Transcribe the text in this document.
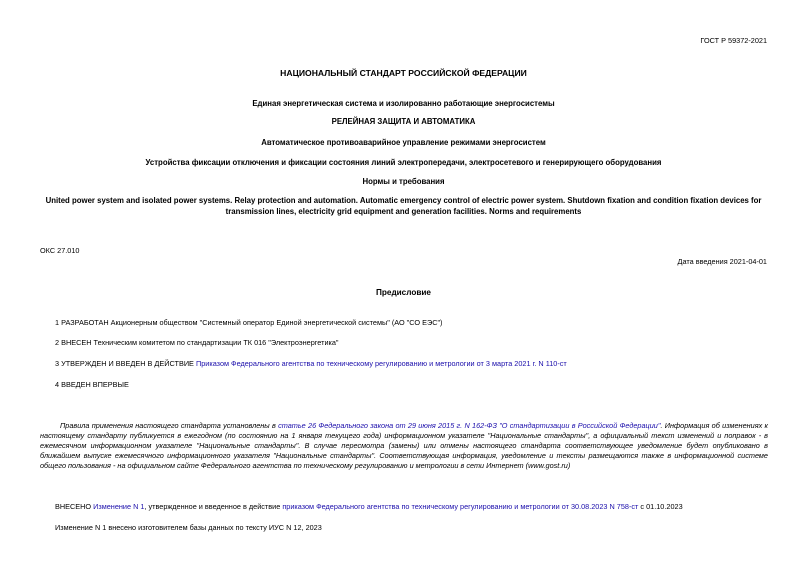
ГОСТ Р 59372-2021
НАЦИОНАЛЬНЫЙ СТАНДАРТ РОССИЙСКОЙ ФЕДЕРАЦИИ
Единая энергетическая система и изолированно работающие энергосистемы
РЕЛЕЙНАЯ ЗАЩИТА И АВТОМАТИКА
Автоматическое противоаварийное управление режимами энергосистем
Устройства фиксации отключения и фиксации состояния линий электропередачи, электросетевого и генерирующего оборудования
Нормы и требования
United power system and isolated power systems. Relay protection and automation. Automatic emergency control of electric power system. Shutdown fixation and condition fixation devices for transmission lines, electricity grid equipment and generation facilities. Norms and requirements
ОКС 27.010
Дата введения 2021-04-01
Предисловие
1 РАЗРАБОТАН Акционерным обществом "Системный оператор Единой энергетической системы" (АО "СО ЕЭС")
2 ВНЕСЕН Техническим комитетом по стандартизации ТК 016 "Электроэнергетика"
3 УТВЕРЖДЕН И ВВЕДЕН В ДЕЙСТВИЕ Приказом Федерального агентства по техническому регулированию и метрологии от 3 марта 2021 г. N 110-ст
4 ВВЕДЕН ВПЕРВЫЕ
Правила применения настоящего стандарта установлены в статье 26 Федерального закона от 29 июня 2015 г. N 162-ФЗ "О стандартизации в Российской Федерации". Информация об изменениях к настоящему стандарту публикуется в ежегодном (по состоянию на 1 января текущего года) информационном указателе "Национальные стандарты", а официальный текст изменений и поправок - в ежемесячном информационном указателе "Национальные стандарты". В случае пересмотра (замены) или отмены настоящего стандарта соответствующее уведомление будет опубликовано в ближайшем выпуске ежемесячного информационного указателя "Национальные стандарты". Соответствующая информация, уведомление и тексты размещаются также в информационной системе общего пользования - на официальном сайте Федерального агентства по техническому регулированию и метрологии в сети Интернет (www.gost.ru)
ВНЕСЕНО Изменение N 1, утвержденное и введенное в действие приказом Федерального агентства по техническому регулированию и метрологии от 30.08.2023 N 758-ст с 01.10.2023
Изменение N 1 внесено изготовителем базы данных по тексту ИУС N 12, 2023
